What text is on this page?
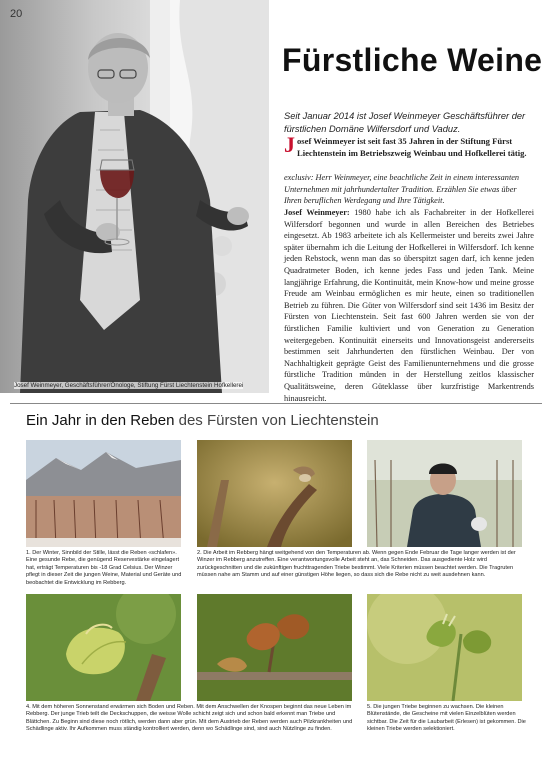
20
Josef Weinmeyer, Geschäftsführer/Önologe, Stiftung Fürst Liechtenstein Hofkellerei
Fürstliche Weine
Seit Januar 2014 ist Josef Weinmeyer Geschäftsführer der fürstlichen Domäne Wilfersdorf und Vaduz.
Josef Weinmeyer ist seit fast 35 Jahren in der Stiftung Fürst Liechtenstein im Betriebszweig Weinbau und Hofkellerei tätig.
exclusiv: Herr Weinmeyer, eine beachtliche Zeit in einem interessanten Unternehmen mit jahrhundertalter Tradition. Erzählen Sie etwas über Ihren beruflichen Werdegang und Ihre Tätigkeit.
Josef Weinmeyer: 1980 habe ich als Fachabreiter in der Hofkellerei Wilfersdorf begonnen und wurde in allen Bereichen des Betriebes eingesetzt. Ab 1983 arbeitete ich als Kellermeister und bereits zwei Jahre später übernahm ich die Leitung der Hofkellerei in Wilfersdorf. Ich kenne jeden Rebstock, wenn man das so überspitzt sagen darf, ich kenne jeden Quadratmeter Boden, ich kenne jedes Fass und jeden Tank. Meine langjährige Erfahrung, die Kontinuität, mein Know-how und meine grosse Freude am Weinbau ermöglichen es mir heute, einen so traditionellen Betrieb zu führen. Die Güter von Wilfersdorf sind seit 1436 im Besitz der Fürsten von Liechtenstein. Seit fast 600 Jahren werden sie von der fürstlichen Familie kultiviert und von Generation zu Generation weitergegeben. Kontinuität einerseits und Innovationsgeist andererseits bestimmen seit Jahrhunderten den fürstlichen Weinbau. Der von Nachhaltigkeit geprägte Geist des Familienunternehmens und die grosse fürstliche Tradition münden in der Herstellung zeitlos klassischer Qualitätsweine, deren Güteklasse über kurzfristige Markentrends hinausreicht.
Ein Jahr in den Reben des Fürsten von Liechtenstein
1. Der Winter, Sinnbild der Stille, lässt die Reben «schlafen». Eine gesunde Rebe, die genügend Reservestärke eingelagert hat, erträgt Temperaturen bis -18 Grad Celsius. Der Winzer pflegt in dieser Zeit die jungen Weine, Material und Geräte und beobachtet die Entwicklung im Rebberg.
2. Die Arbeit im Rebberg hängt weitgehend von den Temperaturen ab. Wenn gegen Ende Februar die Tage langer werden ist der Winzer im Rebberg anzutreffen. Eine verantwortungsvolle Arbeit steht an, das Schneiden. Das ausgediente Holz wird zurückgeschnitten und die zukünftigen fruchttragenden Triebe bestimmt. Viele Kriterien müssen beachtet werden. Die Tragruten müssen nahe am Stamm und auf einer günstigen Höhe liegen, so dass sich die Rebe nicht zu weit ausdehnen kann.
4. Mit dem höheren Sonnenstand erwärmen sich Boden und Reben. Mit dem Anschwellen der Knospen beginnt das neue Leben im Rebberg. Der junge Trieb teilt die Deckschuppen, die weisse Wolle schicht zeigt sich und schon bald erkennt man Triebe und Blättchen. Zu Beginn sind diese noch rötlich, werden dann aber grün. Mit dem Austrieb der Reben werden auch Pilzkrankheiten und Schädlinge aktiv. Ihr Aufkommen muss ständig kontrolliert werden, denn wo Schädlinge sind, sind auch Nützlinge zu finden.
5. Die jungen Triebe beginnen zu wachsen. Die kleinen Blütenstände, die Gescheine mit vielen Einzelblüten werden sichtbar. Die Zeit für die Laubarbeit (Erlesen) ist gekommen. Die kleinen Triebe werden selektioniert.
